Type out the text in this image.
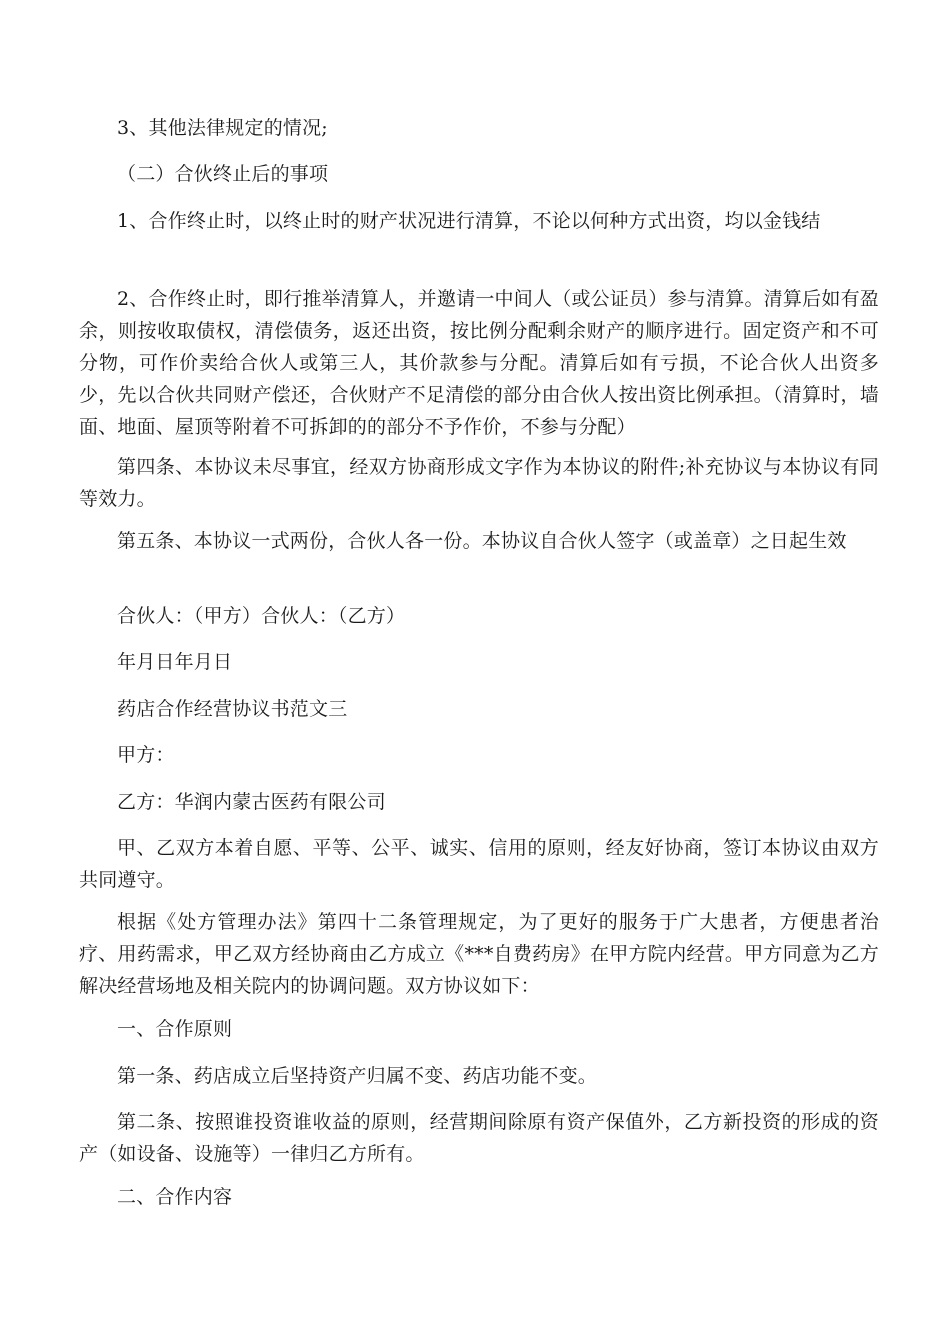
3、其他法律规定的情况;

（二）合伙终止后的事项

1、合作终止时，以终止时的财产状况进行清算，不论以何种方式出资，均以金钱结

2、合作终止时，即行推举清算人，并邀请一中间人（或公证员）参与清算。清算后如有盈余，则按收取债权，清偿债务，返还出资，按比例分配剩余财产的顺序进行。固定资产和不可分物，可作价卖给合伙人或第三人，其价款参与分配。清算后如有亏损，不论合伙人出资多少，先以合伙共同财产偿还，合伙财产不足清偿的部分由合伙人按出资比例承担。（清算时，墙面、地面、屋顶等附着不可拆卸的的部分不予作价，不参与分配）

第四条、本协议未尽事宜，经双方协商形成文字作为本协议的附件;补充协议与本协议有同等效力。

第五条、本协议一式两份，合伙人各一份。本协议自合伙人签字（或盖章）之日起生效

合伙人：（甲方）合伙人：（乙方）

年月日年月日

药店合作经营协议书范文三

甲方：

乙方：华润内蒙古医药有限公司

甲、乙双方本着自愿、平等、公平、诚实、信用的原则，经友好协商，签订本协议由双方共同遵守。

根据《处方管理办法》第四十二条管理规定，为了更好的服务于广大患者，方便患者治疗、用药需求，甲乙双方经协商由乙方成立《***自费药房》在甲方院内经营。甲方同意为乙方解决经营场地及相关院内的协调问题。双方协议如下：

一、合作原则

第一条、药店成立后坚持资产归属不变、药店功能不变。

第二条、按照谁投资谁收益的原则，经营期间除原有资产保值外，乙方新投资的形成的资产（如设备、设施等）一律归乙方所有。

二、合作内容
